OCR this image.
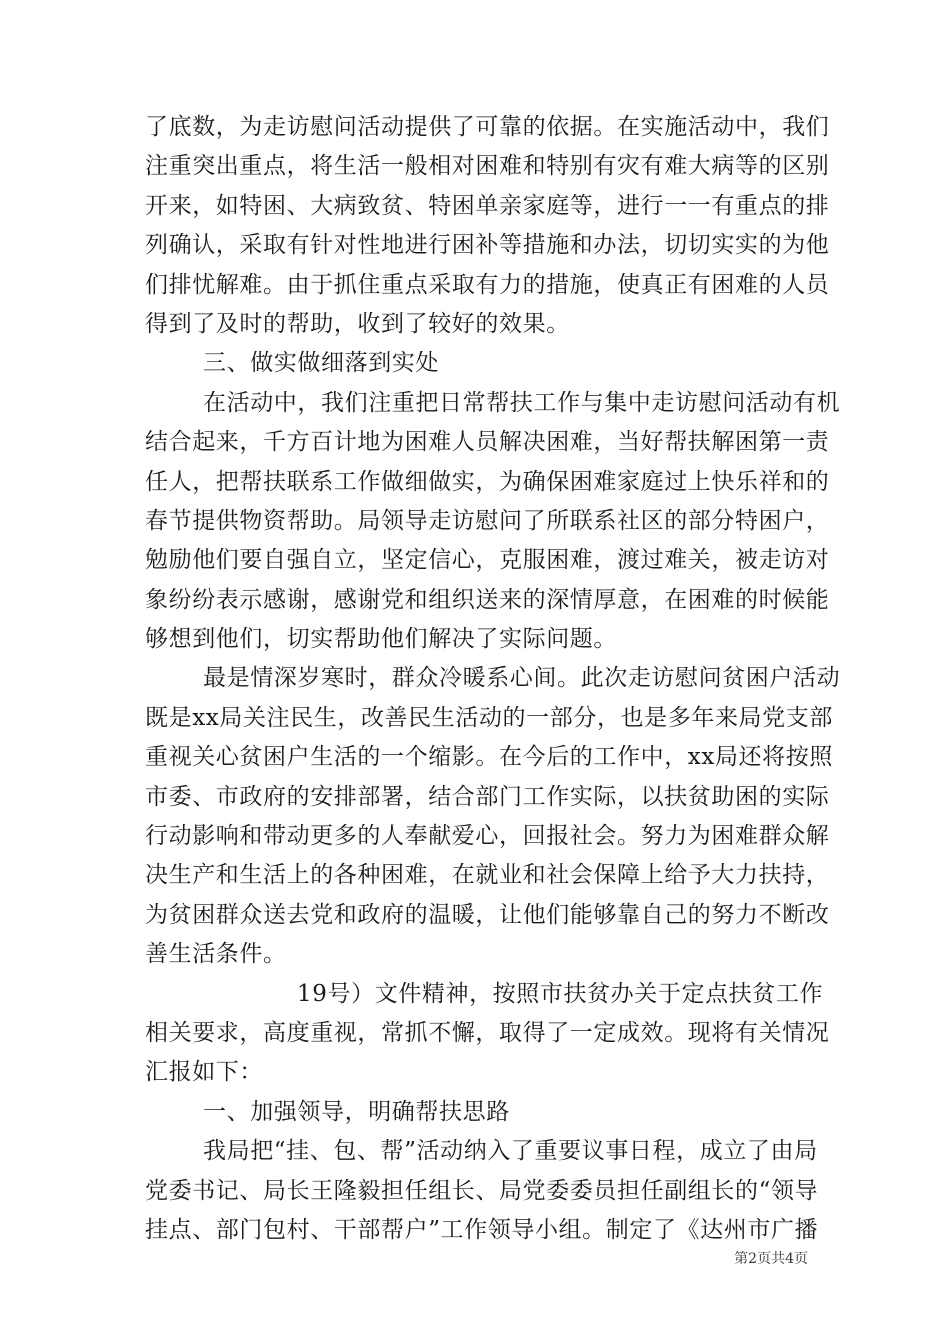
了底数，为走访慰问活动提供了可靠的依据。在实施活动中，我们
注重突出重点，将生活一般相对困难和特别有灾有难大病等的区别
开来，如特困、大病致贫、特困单亲家庭等，进行一一有重点的排
列确认，采取有针对性地进行困补等措施和办法，切切实实的为他
们排忧解难。由于抓住重点采取有力的措施，使真正有困难的人员
得到了及时的帮助，收到了较好的效果。
三、做实做细落到实处
在活动中，我们注重把日常帮扶工作与集中走访慰问活动有机
结合起来，千方百计地为困难人员解决困难，当好帮扶解困第一责
任人，把帮扶联系工作做细做实，为确保困难家庭过上快乐祥和的
春节提供物资帮助。局领导走访慰问了所联系社区的部分特困户，
勉励他们要自强自立，坚定信心，克服困难，渡过难关，被走访对
象纷纷表示感谢，感谢党和组织送来的深情厚意，在困难的时候能
够想到他们，切实帮助他们解决了实际问题。
最是情深岁寒时，群众冷暖系心间。此次走访慰问贫困户活动
既是xx局关注民生，改善民生活动的一部分，也是多年来局党支部
重视关心贫困户生活的一个缩影。在今后的工作中，xx局还将按照
市委、市政府的安排部署，结合部门工作实际，以扶贫助困的实际
行动影响和带动更多的人奉献爱心，回报社会。努力为困难群众解
决生产和生活上的各种困难，在就业和社会保障上给予大力扶持，
为贫困群众送去党和政府的温暖，让他们能够靠自己的努力不断改
善生活条件。
19号）文件精神，按照市扶贫办关于定点扶贫工作
相关要求，高度重视，常抓不懈，取得了一定成效。现将有关情况
汇报如下：
一、加强领导，明确帮扶思路
我局把“挂、包、帮”活动纳入了重要议事日程，成立了由局
党委书记、局长王隆毅担任组长、局党委委员担任副组长的“领导
挂点、部门包村、干部帮户”工作领导小组。制定了《达州市广播
第2页共4页
